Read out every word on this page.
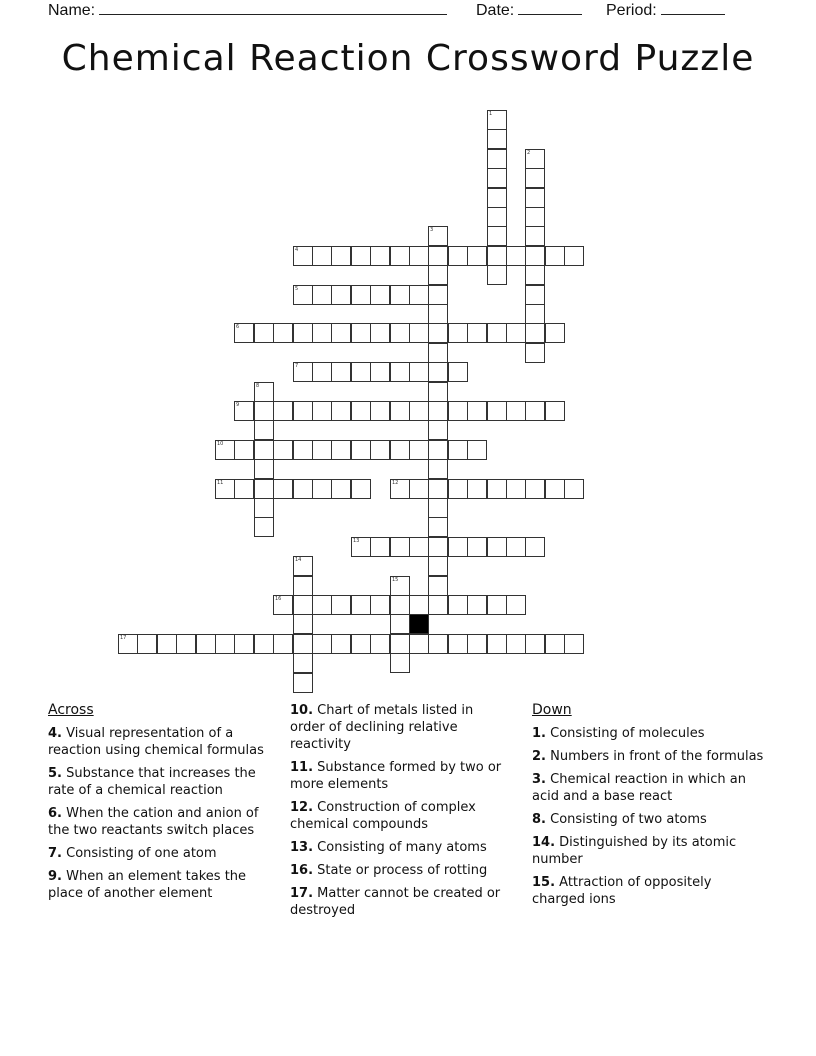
Name:	Date:	Period:
Chemical Reaction Crossword Puzzle
4
5
6
7
9
10
11	12
13
16
17
1
2
3
8
14
15
Across
4. Visual representation of a reaction using chemical formulas
5. Substance that increases the rate of a chemical reaction
6. When the cation and anion of the two reactants switch places
7. Consisting of one atom
9. When an element takes the place of another element
10. Chart of metals listed in order of declining relative reactivity
11. Substance formed by two or more elements
12. Construction of complex chemical compounds
13. Consisting of many atoms
16. State or process of rotting
17. Matter cannot be created or destroyed
Down
1. Consisting of molecules
2. Numbers in front of the formulas
3. Chemical reaction in which an acid and a base react
8. Consisting of two atoms
14. Distinguished by its atomic number
15. Attraction of oppositely charged ions
